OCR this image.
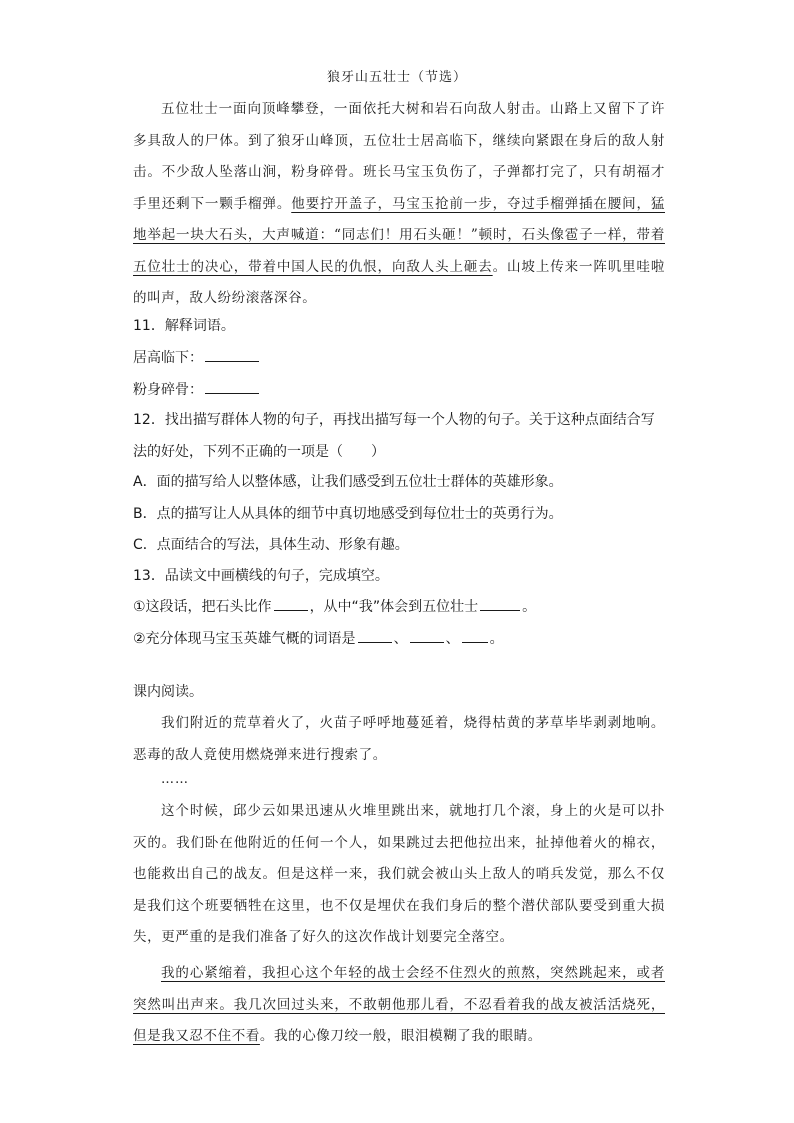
狼牙山五壮士（节选）

五位壮士一面向顶峰攀登，一面依托大树和岩石向敌人射击。山路上又留下了许多具敌人的尸体。到了狼牙山峰顶，五位壮士居高临下，继续向紧跟在身后的敌人射击。不少敌人坠落山涧，粉身碎骨。班长马宝玉负伤了，子弹都打完了，只有胡福才手里还剩下一颗手榴弹。他要拧开盖子，马宝玉抢前一步，夺过手榴弹插在腰间，猛地举起一块大石头，大声喊道：“同志们！用石头砸！”顿时，石头像雹子一样，带着五位壮士的决心，带着中国人民的仇恨，向敌人头上砸去。山坡上传来一阵叽里哇啦的叫声，敌人纷纷滚落深谷。

11．解释词语。

居高临下：

粉身碎骨：

12．找出描写群体人物的句子，再找出描写每一个人物的句子。关于这种点面结合写法的好处，下列不正确的一项是（　　）

A．面的描写给人以整体感，让我们感受到五位壮士群体的英雄形象。

B．点的描写让人从具体的细节中真切地感受到每位壮士的英勇行为。

C．点面结合的写法，具体生动、形象有趣。

13．品读文中画横线的句子，完成填空。

①这段话，把石头比作	，从中“我”体会到五位壮士	。

②充分体现马宝玉英雄气概的词语是	、	、 。

课内阅读。

我们附近的荒草着火了，火苗子呼呼地蔓延着，烧得枯黄的茅草毕毕剥剥地响。恶毒的敌人竟使用燃烧弹来进行搜索了。

……

这个时候，邱少云如果迅速从火堆里跳出来，就地打几个滚，身上的火是可以扑灭的。我们卧在他附近的任何一个人，如果跳过去把他拉出来，扯掉他着火的棉衣，也能救出自己的战友。但是这样一来，我们就会被山头上敌人的哨兵发觉，那么不仅是我们这个班要牺牲在这里，也不仅是埋伏在我们身后的整个潜伏部队要受到重大损失，更严重的是我们准备了好久的这次作战计划要完全落空。

我的心紧缩着，我担心这个年轻的战士会经不住烈火的煎熬，突然跳起来，或者突然叫出声来。我几次回过头来，不敢朝他那儿看，不忍看着我的战友被活活烧死，但是我又忍不住不看。我的心像刀绞一般，眼泪模糊了我的眼睛。
